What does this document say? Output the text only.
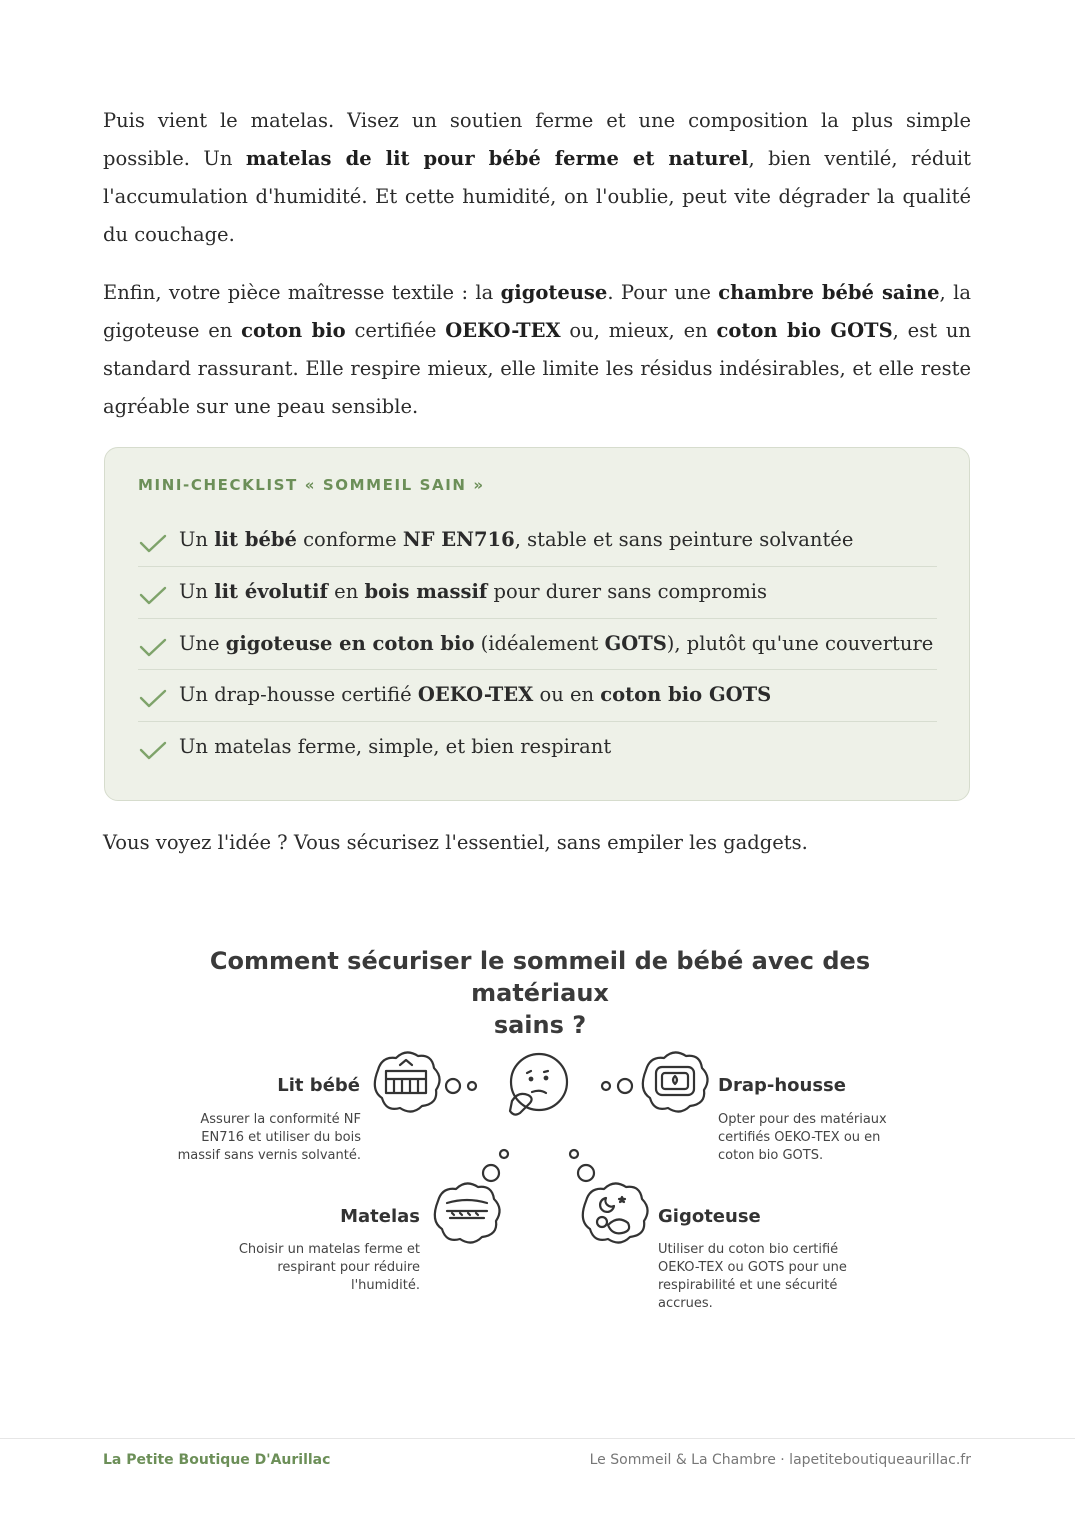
Puis vient le matelas. Visez un soutien ferme et une composition la plus simple possible. Un matelas de lit pour bébé ferme et naturel, bien ventilé, réduit l'accumulation d'humidité. Et cette humidité, on l'oublie, peut vite dégrader la qualité du couchage.

Enfin, votre pièce maîtresse textile : la gigoteuse. Pour une chambre bébé saine, la gigoteuse en coton bio certifiée OEKO-TEX ou, mieux, en coton bio GOTS, est un standard rassurant. Elle respire mieux, elle limite les résidus indésirables, et elle reste agréable sur une peau sensible.

MINI-CHECKLIST « SOMMEIL SAIN »
Un lit bébé conforme NF EN716, stable et sans peinture solvantée
Un lit évolutif en bois massif pour durer sans compromis
Une gigoteuse en coton bio (idéalement GOTS), plutôt qu'une couverture
Un drap-housse certifié OEKO-TEX ou en coton bio GOTS
Un matelas ferme, simple, et bien respirant

Vous voyez l'idée ? Vous sécurisez l'essentiel, sans empiler les gadgets.

Comment sécuriser le sommeil de bébé avec des matériaux
sains ?
Lit bébé
Assurer la conformité NF
EN716 et utiliser du bois
massif sans vernis solvanté.
Drap-housse
Opter pour des matériaux
certifiés OEKO-TEX ou en
coton bio GOTS.
Matelas
Choisir un matelas ferme et
respirant pour réduire
l'humidité.
Gigoteuse
Utiliser du coton bio certifié
OEKO-TEX ou GOTS pour une
respirabilité et une sécurité
accrues.
La Petite Boutique D'Aurillac	Le Sommeil & La Chambre · lapetiteboutiqueaurillac.fr
